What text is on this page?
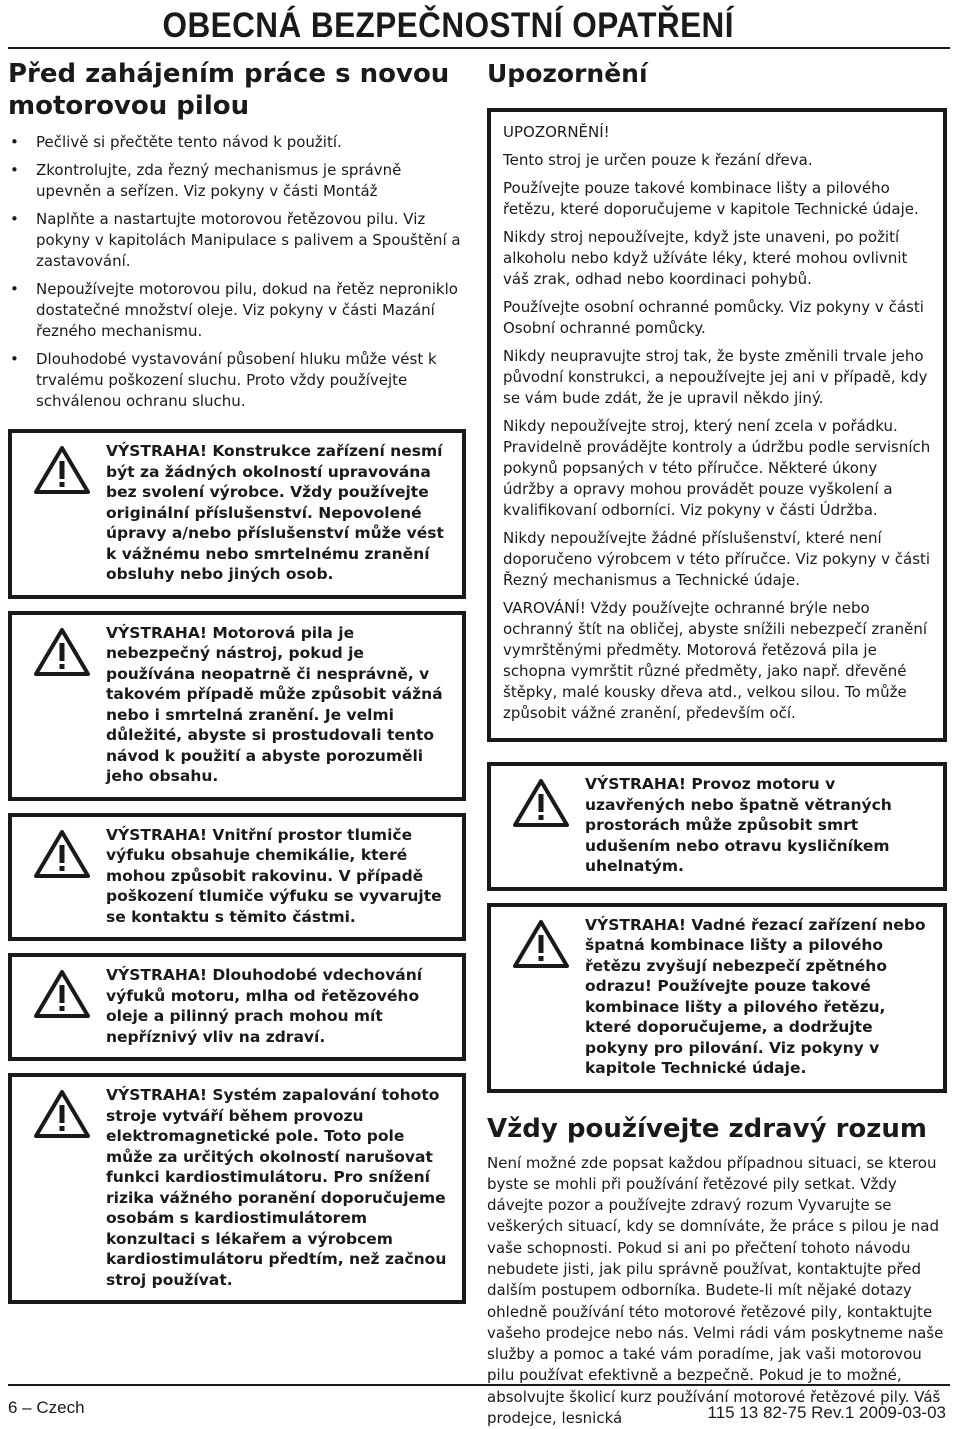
OBECNÁ BEZPEČNOSTNÍ OPATŘENÍ
Před zahájením práce s novou motorovou pilou
• Pečlivě si přečtěte tento návod k použití.
• Zkontrolujte, zda řezný mechanismus je správně upevněn a seřízen. Viz pokyny v části Montáž
• Naplňte a nastartujte motorovou řetězovou pilu. Viz pokyny v kapitolách Manipulace s palivem a Spouštění a zastavování.
• Nepoužívejte motorovou pilu, dokud na řetěz neproniklo dostatečné množství oleje. Viz pokyny v části Mazání řezného mechanismu.
• Dlouhodobé vystavování působení hluku může vést k trvalému poškození sluchu. Proto vždy používejte schválenou ochranu sluchu.
VÝSTRAHA! Konstrukce zařízení nesmí být za žádných okolností upravována bez svolení výrobce. Vždy používejte originální příslušenství. Nepovolené úpravy a/nebo příslušenství může vést k vážnému nebo smrtelnému zranění obsluhy nebo jiných osob.
VÝSTRAHA! Motorová pila je nebezpečný nástroj, pokud je používána neopatrně či nesprávně, v takovém případě může způsobit vážná nebo i smrtelná zranění. Je velmi důležité, abyste si prostudovali tento návod k použití a abyste porozuměli jeho obsahu.
VÝSTRAHA! Vnitřní prostor tlumiče výfuku obsahuje chemikálie, které mohou způsobit rakovinu. V případě poškození tlumiče výfuku se vyvarujte se kontaktu s těmito částmi.
VÝSTRAHA! Dlouhodobé vdechování výfuků motoru, mlha od řetězového oleje a pilinný prach mohou mít nepříznivý vliv na zdraví.
VÝSTRAHA! Systém zapalování tohoto stroje vytváří během provozu elektromagnetické pole. Toto pole může za určitých okolností narušovat funkci kardiostimulátoru. Pro snížení rizika vážného poranění doporučujeme osobám s kardiostimulátorem konzultaci s lékařem a výrobcem kardiostimulátoru předtím, než začnou stroj používat.
Upozornění

UPOZORNĚNÍ!

Tento stroj je určen pouze k řezání dřeva.

Používejte pouze takové kombinace lišty a pilového řetězu, které doporučujeme v kapitole Technické údaje.

Nikdy stroj nepoužívejte, když jste unaveni, po požití alkoholu nebo když užíváte léky, které mohou ovlivnit váš zrak, odhad nebo koordinaci pohybů.

Používejte osobní ochranné pomůcky. Viz pokyny v části Osobní ochranné pomůcky.

Nikdy neupravujte stroj tak, že byste změnili trvale jeho původní konstrukci, a nepoužívejte jej ani v případě, kdy se vám bude zdát, že je upravil někdo jiný.

Nikdy nepoužívejte stroj, který není zcela v pořádku. Pravidelně provádějte kontroly a údržbu podle servisních pokynů popsaných v této příručce. Některé úkony údržby a opravy mohou provádět pouze vyškolení a kvalifikovaní odborníci. Viz pokyny v části Údržba.

Nikdy nepoužívejte žádné příslušenství, které není doporučeno výrobcem v této příručce. Viz pokyny v části Řezný mechanismus a Technické údaje.

VAROVÁNÍ! Vždy používejte ochranné brýle nebo ochranný štít na obličej, abyste snížili nebezpečí zranění vymrštěnými předměty. Motorová řetězová pila je schopna vymrštit různé předměty, jako např. dřevěné štěpky, malé kousky dřeva atd., velkou silou. To může způsobit vážné zranění, především očí.

VÝSTRAHA! Provoz motoru v uzavřených nebo špatně větraných prostorách může způsobit smrt udušením nebo otravu kysličníkem uhelnatým.
VÝSTRAHA! Vadné řezací zařízení nebo špatná kombinace lišty a pilového řetězu zvyšují nebezpečí zpětného odrazu! Používejte pouze takové kombinace lišty a pilového řetězu, které doporučujeme, a dodržujte pokyny pro pilování. Viz pokyny v kapitole Technické údaje.
Vždy používejte zdravý rozum

Není možné zde popsat každou případnou situaci, se kterou byste se mohli při používání řetězové pily setkat. Vždy dávejte pozor a používejte zdravý rozum Vyvarujte se veškerých situací, kdy se domníváte, že práce s pilou je nad vaše schopnosti. Pokud si ani po přečtení tohoto návodu nebudete jisti, jak pilu správně používat, kontaktujte před dalším postupem odborníka. Budete-li mít nějaké dotazy ohledně používání této motorové řetězové pily, kontaktujte vašeho prodejce nebo nás. Velmi rádi vám poskytneme naše služby a pomoc a také vám poradíme, jak vaši motorovou pilu používat efektivně a bezpečně. Pokud je to možné, absolvujte školicí kurz používání motorové řetězové pily. Váš prodejce, lesnická

6 – Czech	115 13 82-75 Rev.1 2009-03-03
